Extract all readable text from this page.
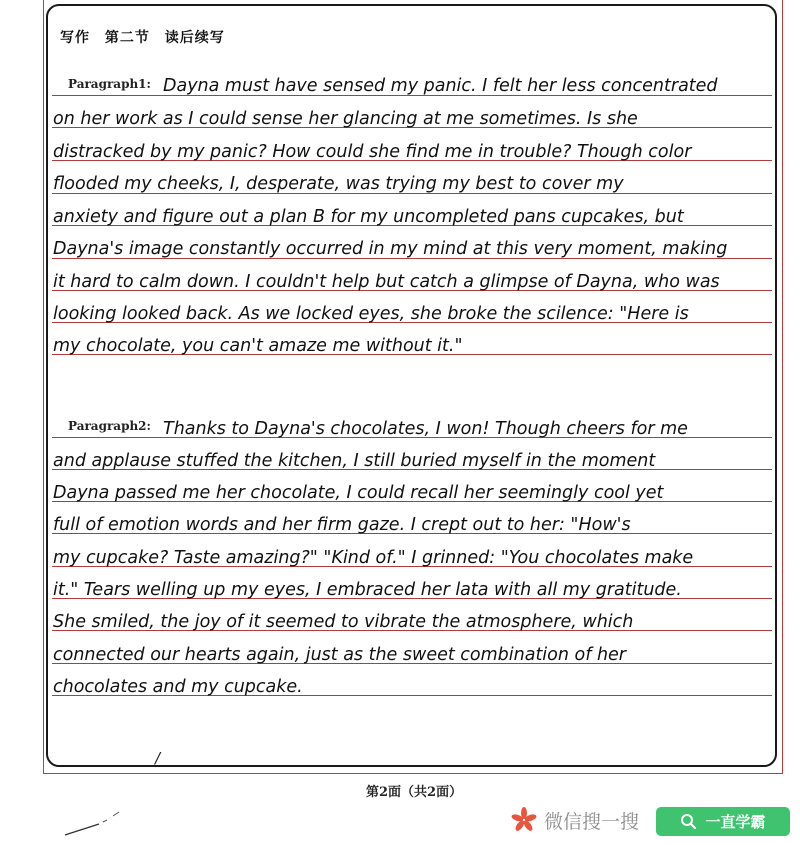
写作 第二节 读后续写
Paragraph1:
Paragraph2:
Dayna must have sensed my panic. I felt her less concentrated
on her work as I could sense her glancing at me sometimes. Is she
distracked by my panic? How could she find me in trouble? Though color
flooded my cheeks, I, desperate, was trying my best to cover my
anxiety and figure out a plan B for my uncompleted pans cupcakes, but
Dayna's image constantly occurred in my mind at this very moment, making
it hard to calm down. I couldn't help but catch a glimpse of Dayna, who was
looking looked back. As we locked eyes, she broke the scilence: "Here is
my chocolate, you can't amaze me without it."
Thanks to Dayna's chocolates, I won! Though cheers for me
and applause stuffed the kitchen, I still buried myself in the moment
Dayna passed me her chocolate, I could recall her seemingly cool yet
full of emotion words and her firm gaze. I crept out to her: "How's
my cupcake? Taste amazing?" "Kind of." I grinned: "You chocolates make
it." Tears welling up my eyes, I embraced her lata with all my gratitude.
She smiled, the joy of it seemed to vibrate the atmosphere, which
connected our hearts again, just as the sweet combination of her
chocolates and my cupcake.
/
第2面（共2面）
微信搜一搜	一直学霸
